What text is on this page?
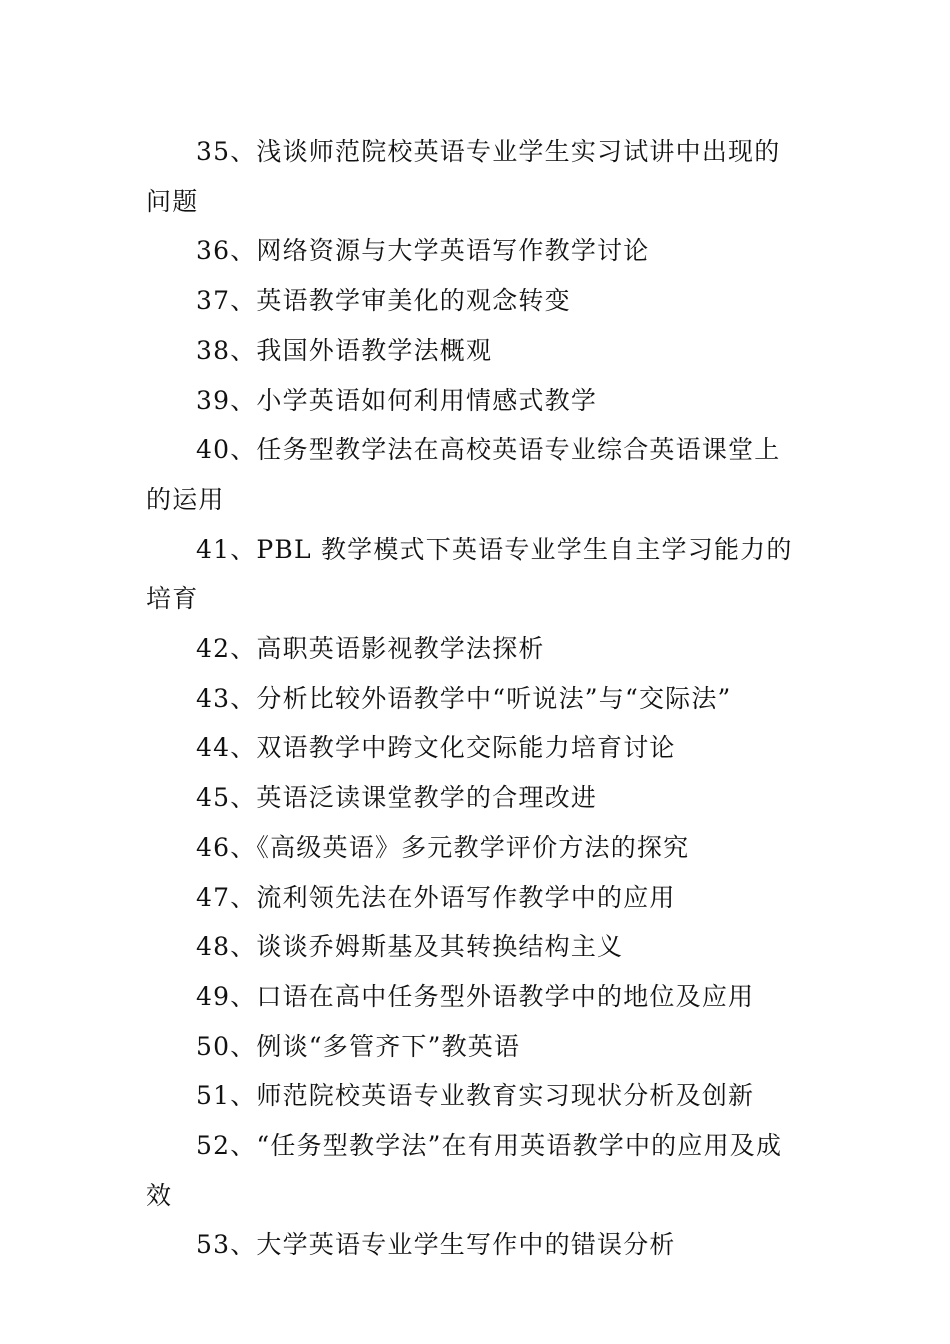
35、浅谈师范院校英语专业学生实习试讲中出现的问题
36、网络资源与大学英语写作教学讨论
37、英语教学审美化的观念转变
38、我国外语教学法概观
39、小学英语如何利用情感式教学
40、任务型教学法在高校英语专业综合英语课堂上的运用
41、PBL 教学模式下英语专业学生自主学习能力的培育
42、高职英语影视教学法探析
43、分析比较外语教学中“听说法”与“交际法”
44、双语教学中跨文化交际能力培育讨论
45、英语泛读课堂教学的合理改进
46、《高级英语》多元教学评价方法的探究
47、流利领先法在外语写作教学中的应用
48、谈谈乔姆斯基及其转换结构主义
49、口语在高中任务型外语教学中的地位及应用
50、例谈“多管齐下”教英语
51、师范院校英语专业教育实习现状分析及创新
52、“任务型教学法”在有用英语教学中的应用及成效
53、大学英语专业学生写作中的错误分析
